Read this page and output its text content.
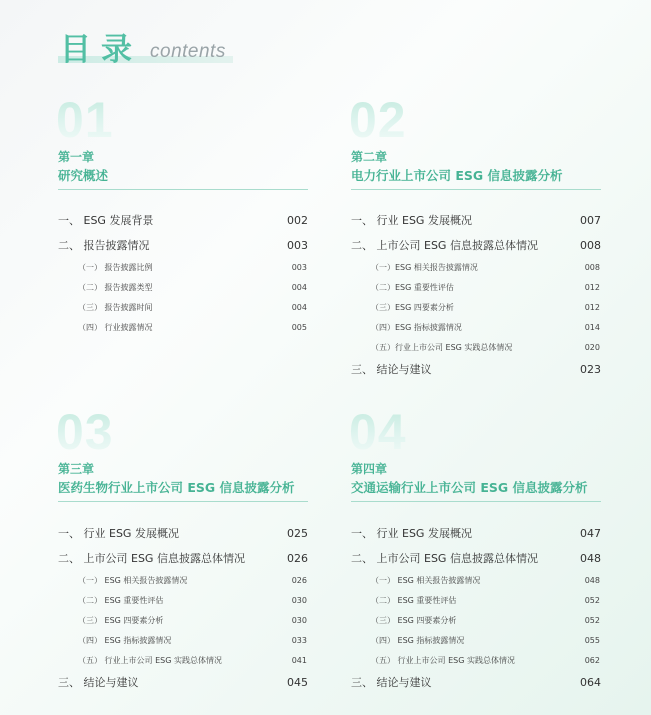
目录 contents
01
第一章
研究概述
一、 ESG 发展背景	002
二、 报告披露情况	003
（一） 报告披露比例	003
（二） 报告披露类型	004
（三） 报告披露时间	004
（四） 行业披露情况	005
02
第二章
电力行业上市公司 ESG 信息披露分析
一、 行业 ESG 发展概况	007
二、 上市公司 ESG 信息披露总体情况	008
（一）ESG 相关报告披露情况	008
（二）ESG 重要性评估	012
（三）ESG 四要素分析	012
（四）ESG 指标披露情况	014
（五）行业上市公司 ESG 实践总体情况	020
三、 结论与建议	023
03
第三章
医药生物行业上市公司 ESG 信息披露分析
一、 行业 ESG 发展概况	025
二、 上市公司 ESG 信息披露总体情况	026
（一） ESG 相关报告披露情况	026
（二） ESG 重要性评估	030
（三） ESG 四要素分析	030
（四） ESG 指标披露情况	033
（五） 行业上市公司 ESG 实践总体情况	041
三、 结论与建议	045
04
第四章
交通运输行业上市公司 ESG 信息披露分析
一、 行业 ESG 发展概况	047
二、 上市公司 ESG 信息披露总体情况	048
（一） ESG 相关报告披露情况	048
（二） ESG 重要性评估	052
（三） ESG 四要素分析	052
（四） ESG 指标披露情况	055
（五） 行业上市公司 ESG 实践总体情况	062
三、 结论与建议	064
